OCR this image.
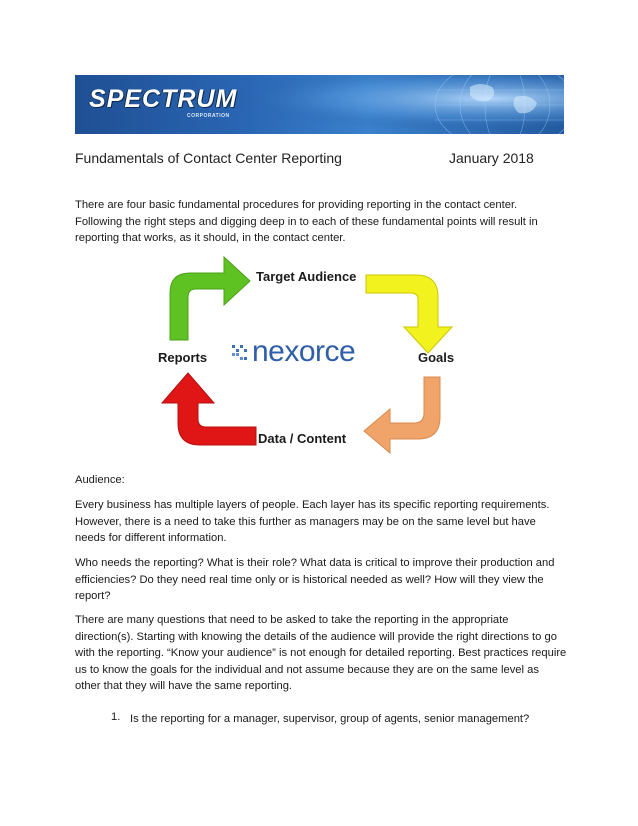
SPECTRUM
CORPORATION
Fundamentals of Contact Center Reporting	January 2018
There are four basic fundamental procedures for providing reporting in the contact center. Following the right steps and digging deep in to each of these fundamental points will result in reporting that works, as it should, in the contact center.
Target Audience
Goals
Data / Content
Reports nexorce
Audience:
Every business has multiple layers of people. Each layer has its specific reporting requirements. However, there is a need to take this further as managers may be on the same level but have needs for different information.
Who needs the reporting? What is their role? What data is critical to improve their production and efficiencies? Do they need real time only or is historical needed as well? How will they view the report?
There are many questions that need to be asked to take the reporting in the appropriate direction(s). Starting with knowing the details of the audience will provide the right directions to go with the reporting. “Know your audience” is not enough for detailed reporting. Best practices require us to know the goals for the individual and not assume because they are on the same level as other that they will have the same reporting.
1. Is the reporting for a manager, supervisor, group of agents, senior management?
